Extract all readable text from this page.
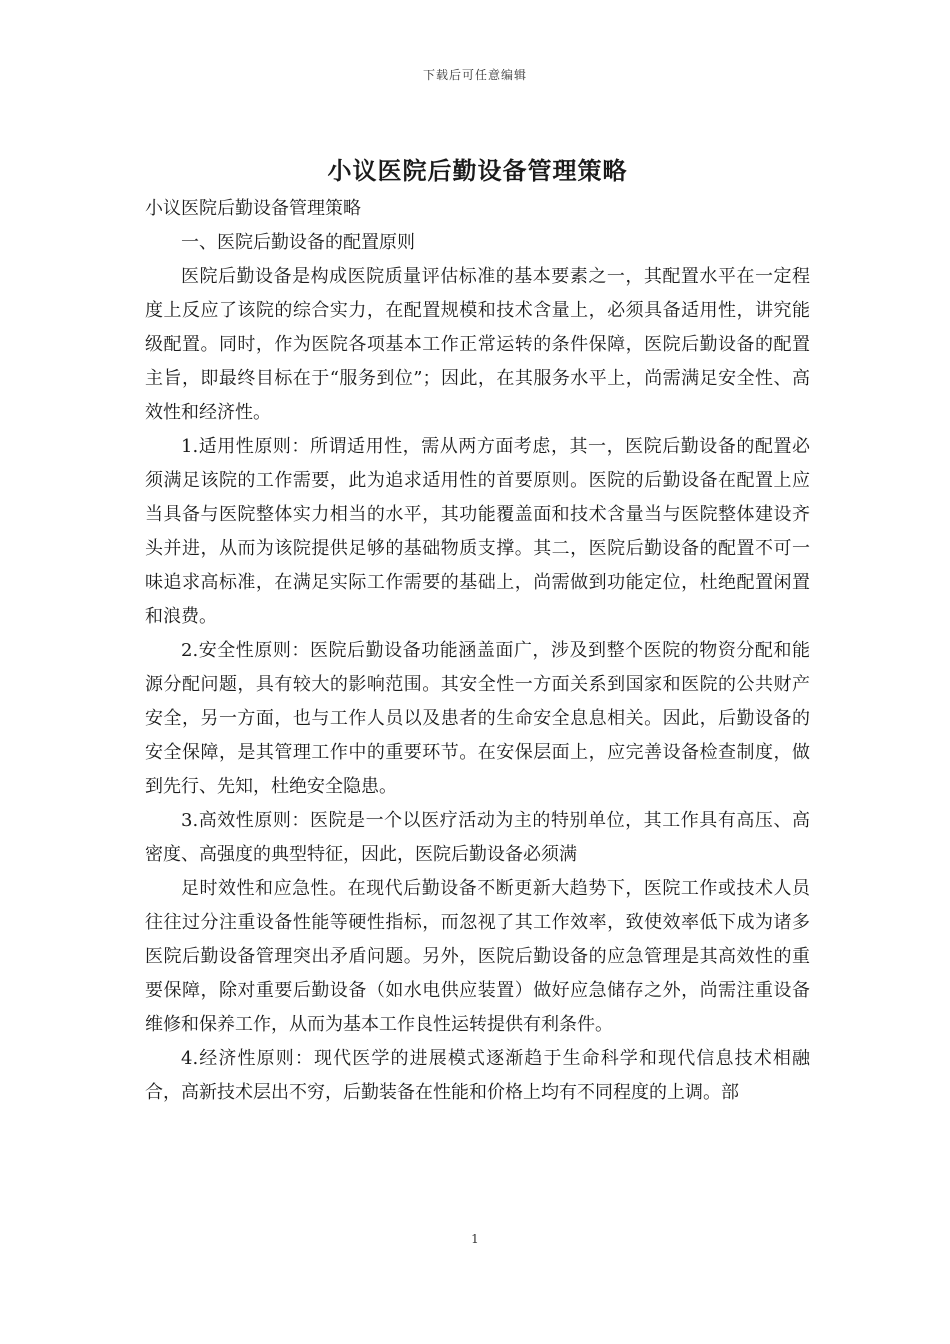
下载后可任意编辑
小议医院后勤设备管理策略

小议医院后勤设备管理策略

一、医院后勤设备的配置原则

医院后勤设备是构成医院质量评估标准的基本要素之一，其配置水平在一定程度上反应了该院的综合实力，在配置规模和技术含量上，必须具备适用性，讲究能级配置。同时，作为医院各项基本工作正常运转的条件保障，医院后勤设备的配置主旨，即最终目标在于“服务到位”；因此，在其服务水平上，尚需满足安全性、高效性和经济性。

1.适用性原则：所谓适用性，需从两方面考虑，其一，医院后勤设备的配置必须满足该院的工作需要，此为追求适用性的首要原则。医院的后勤设备在配置上应当具备与医院整体实力相当的水平，其功能覆盖面和技术含量当与医院整体建设齐头并进，从而为该院提供足够的基础物质支撑。其二，医院后勤设备的配置不可一味追求高标准，在满足实际工作需要的基础上，尚需做到功能定位，杜绝配置闲置和浪费。

2.安全性原则：医院后勤设备功能涵盖面广，涉及到整个医院的物资分配和能源分配问题，具有较大的影响范围。其安全性一方面关系到国家和医院的公共财产安全，另一方面，也与工作人员以及患者的生命安全息息相关。因此，后勤设备的安全保障，是其管理工作中的重要环节。在安保层面上，应完善设备检查制度，做到先行、先知，杜绝安全隐患。

3.高效性原则：医院是一个以医疗活动为主的特别单位，其工作具有高压、高密度、高强度的典型特征，因此，医院后勤设备必须满

足时效性和应急性。在现代后勤设备不断更新大趋势下，医院工作或技术人员往往过分注重设备性能等硬性指标，而忽视了其工作效率，致使效率低下成为诸多医院后勤设备管理突出矛盾问题。另外，医院后勤设备的应急管理是其高效性的重要保障，除对重要后勤设备（如水电供应装置）做好应急储存之外，尚需注重设备维修和保养工作，从而为基本工作良性运转提供有利条件。

4.经济性原则：现代医学的进展模式逐渐趋于生命科学和现代信息技术相融合，高新技术层出不穷，后勤装备在性能和价格上均有不同程度的上调。部

1
